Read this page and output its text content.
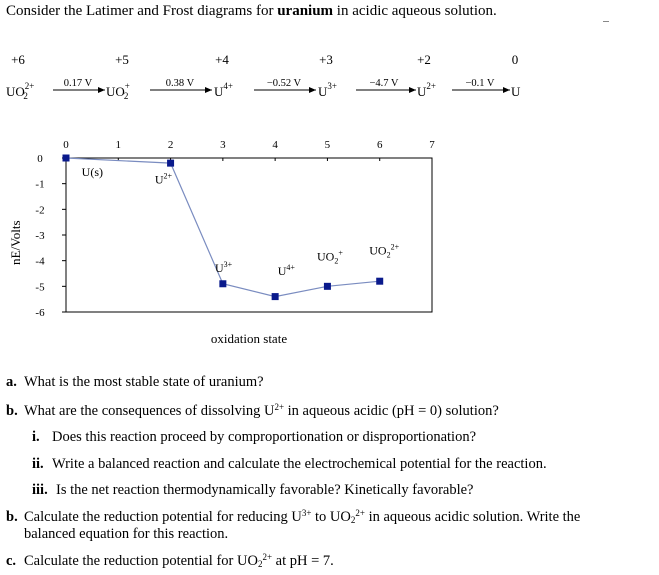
Consider the Latimer and Frost diagrams for uranium in acidic aqueous solution.
+6	+5	+4	+3	+2	0
$UO^{2+}$ 2	UO+ 2	$U^{4+}$	$U^{3+}$	$U^{2+}$	U
0.17 V	0.38 V	−0.52 V	−4.7 V	−0.1 V
0	1	2	3	4	5	6	7
0
-1
-2
-3
-4
-5
-6
U(s)
$U^{2+}$
$U^{3+}$	$U^{4+}$
$UO_2^+$ $UO_2^{2+}$
nE/Volts
oxidation state
a. What is the most stable state of uranium?
b. What are the consequences of dissolving $U^{2+}$ in aqueous acidic (pH = 0) solution?
i. Does this reaction proceed by comproportionation or disproportionation?
ii. Write a balanced reaction and calculate the electrochemical potential for the reaction.
iii. Is the net reaction thermodynamically favorable? Kinetically favorable?
b. Calculate the reduction potential for reducing $U^{3+}$ to $UO_2^{2+}$ in aqueous acidic solution. Write the
balanced equation for this reaction.
c. Calculate the reduction potential for $UO_2^{2+}$ at pH = 7.
